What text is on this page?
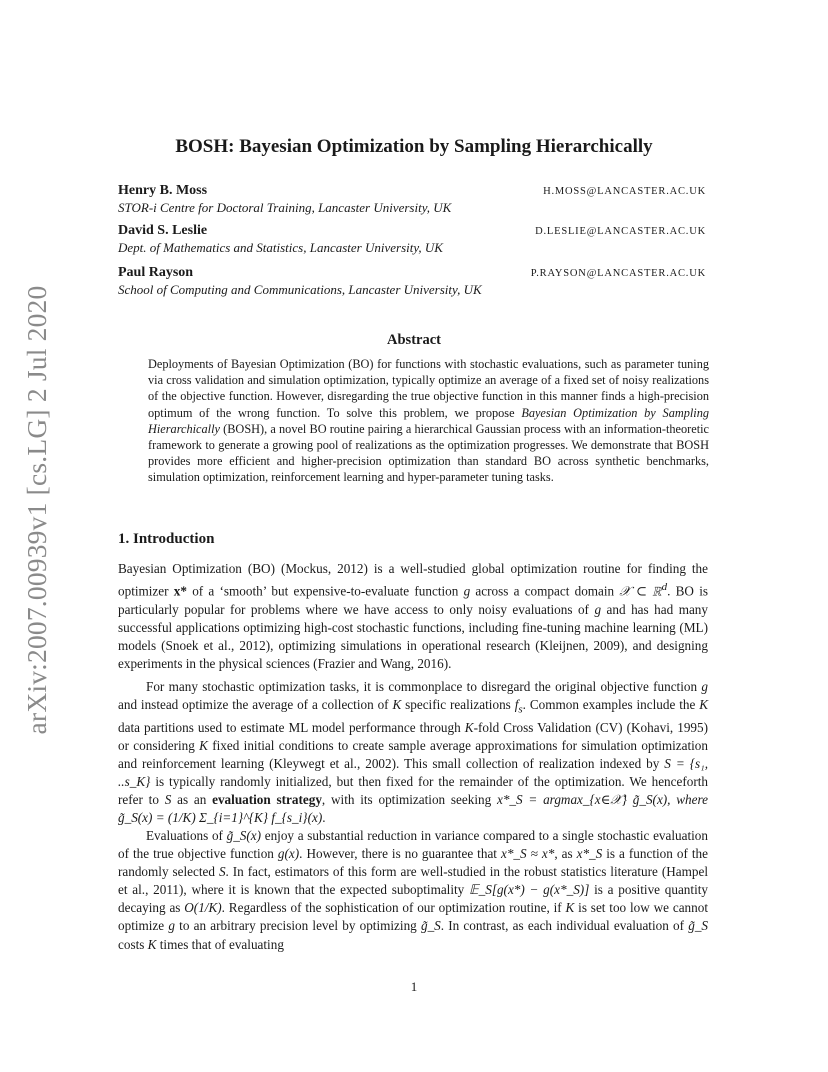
arXiv:2007.00939v1 [cs.LG] 2 Jul 2020
BOSH: Bayesian Optimization by Sampling Hierarchically
Henry B. Moss
STOR-i Centre for Doctoral Training, Lancaster University, UK
H.MOSS@LANCASTER.AC.UK
David S. Leslie
Dept. of Mathematics and Statistics, Lancaster University, UK
D.LESLIE@LANCASTER.AC.UK
Paul Rayson
School of Computing and Communications, Lancaster University, UK
P.RAYSON@LANCASTER.AC.UK
Abstract
Deployments of Bayesian Optimization (BO) for functions with stochastic evaluations, such as parameter tuning via cross validation and simulation optimization, typically optimize an average of a fixed set of noisy realizations of the objective function. However, disregarding the true objective function in this manner finds a high-precision optimum of the wrong function. To solve this problem, we propose Bayesian Optimization by Sampling Hierarchically (BOSH), a novel BO routine pairing a hierarchical Gaussian process with an information-theoretic framework to generate a growing pool of realizations as the optimization progresses. We demonstrate that BOSH provides more efficient and higher-precision optimization than standard BO across synthetic benchmarks, simulation optimization, reinforcement learning and hyper-parameter tuning tasks.
1. Introduction
Bayesian Optimization (BO) (Mockus, 2012) is a well-studied global optimization routine for finding the optimizer x* of a ‘smooth’ but expensive-to-evaluate function g across a compact domain 𝒳 ⊂ ℝ$^d$. BO is particularly popular for problems where we have access to only noisy evaluations of g and has had many successful applications optimizing high-cost stochastic functions, including fine-tuning machine learning (ML) models (Snoek et al., 2012), optimizing simulations in operational research (Kleijnen, 2009), and designing experiments in the physical sciences (Frazier and Wang, 2016).
For many stochastic optimization tasks, it is commonplace to disregard the original objective function g and instead optimize the average of a collection of K specific realizations $f_s$. Common examples include the K data partitions used to estimate ML model performance through K-fold Cross Validation (CV) (Kohavi, 1995) or considering K fixed initial conditions to create sample average approximations for simulation optimization and reinforcement learning (Kleywegt et al., 2002). This small collection of realization indexed by S = {s₁, ..s_K} is typically randomly initialized, but then fixed for the remainder of the optimization. We henceforth refer to S as an evaluation strategy, with its optimization seeking x*_S = argmax_{x∈𝒳} g̃_S(x), where g̃_S(x) = (1/K) Σ_{i=1}^{K} f_{s_i}(x).
Evaluations of g̃_S(x) enjoy a substantial reduction in variance compared to a single stochastic evaluation of the true objective function g(x). However, there is no guarantee that x*_S ≈ x*, as x*_S is a function of the randomly selected S. In fact, estimators of this form are well-studied in the robust statistics literature (Hampel et al., 2011), where it is known that the expected suboptimality 𝔼_S[g(x*) − g(x*_S)] is a positive quantity decaying as O(1/K). Regardless of the sophistication of our optimization routine, if K is set too low we cannot optimize g to an arbitrary precision level by optimizing g̃_S. In contrast, as each individual evaluation of g̃_S costs K times that of evaluating
1
